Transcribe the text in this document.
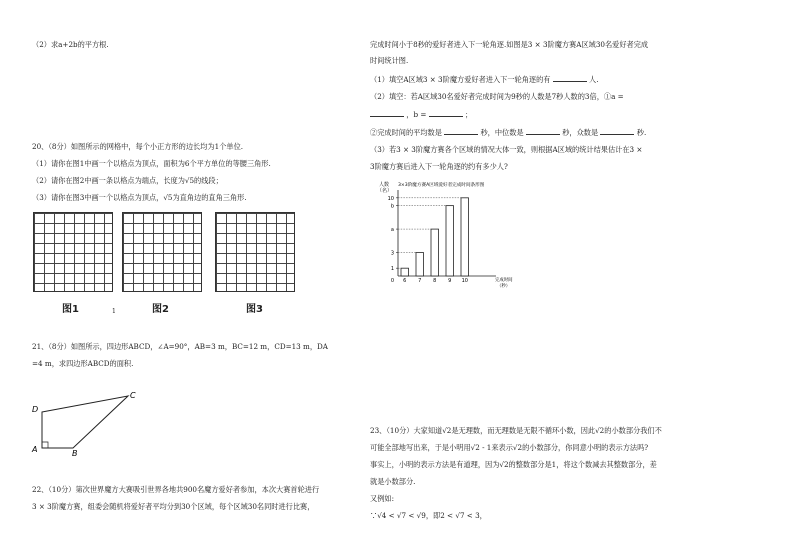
（2）求a+2b的平方根.
20、（8分）如图所示的网格中，每个小正方形的边长均为1个单位.
（1）请你在图1中画一个以格点为顶点，面积为6个平方单位的等腰三角形.
（2）请你在图2中画一条以格点为端点，长度为√5的线段；
（3）请你在图3中画一个以格点为顶点，√5为直角边的直角三角形.
图1	图2	图3
1
21、（8分）如图所示，四边形ABCD，∠A=90°，AB=3 m，BC=12 m，CD=13 m，DA
=4 m，求四边形ABCD的面积.
D
C
A	B
22、（10分）第次世界魔方大赛吸引世界各地共900名魔方爱好者参加，本次大赛首轮进行
3 × 3阶魔方赛，组委会随机将爱好者平均分到30个区域，每个区域30名同时进行比赛，
完成时间小于8秒的爱好者进入下一轮角逐.如图是3 × 3阶魔方赛A区域30名爱好者完成
时间统计图.
（1）填空A区域3 × 3阶魔方爱好者进入下一轮角逐的有	人.
（2）填空：若A区域30名爱好者完成时间为9秒的人数是7秒人数的3倍，①a =
，b =	；
②完成时间的平均数是	秒，中位数是	秒，众数是	秒.
（3）若3 × 3阶魔方赛各个区域的情况大体一致，则根据A区域的统计结果估计在3 ×
3阶魔方赛后进入下一轮角逐的约有多少人?
人数
（名）
3×3阶魔方赛A区域爱好者完成时间条形图
10
b
a
3
1
0 6 7 8 9 10	完成时间
（秒）
23、（10分）大家知道√2是无理数，而无理数是无限不循环小数，因此√2的小数部分我们不
可能全部地写出来，于是小明用√2 - 1来表示√2的小数部分，你同意小明的表示方法吗?
事实上，小明的表示方法是有道理，因为√2的整数部分是1，将这个数减去其整数部分，差
就是小数部分.
又例如:
∵√4 < √7 < √9，即2 < √7 < 3，
